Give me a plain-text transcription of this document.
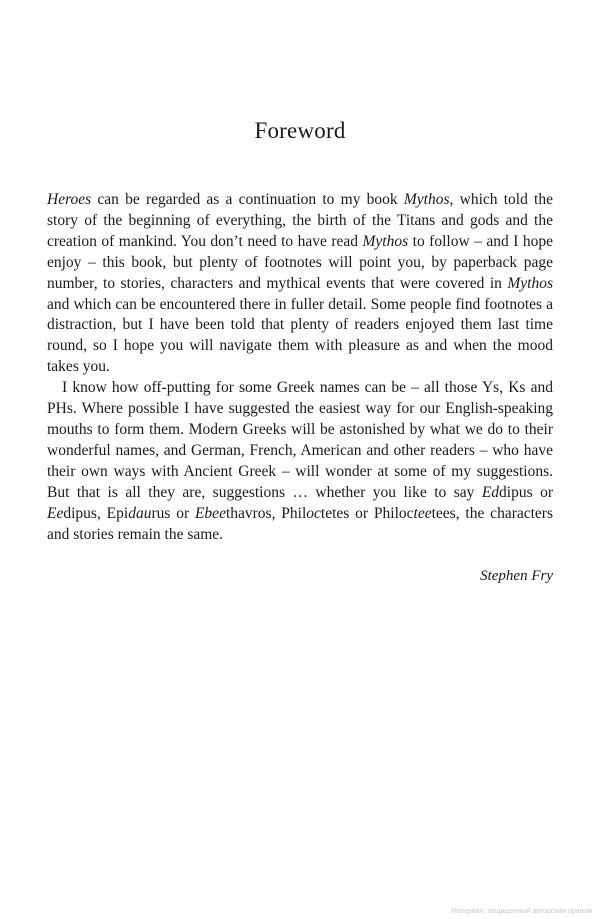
Foreword

Heroes can be regarded as a continuation to my book Mythos, which told the story of the beginning of everything, the birth of the Titans and gods and the creation of mankind. You don’t need to have read Mythos to follow – and I hope enjoy – this book, but plenty of footnotes will point you, by paperback page number, to stories, characters and mythical events that were covered in Mythos and which can be encountered there in fuller detail. Some people find footnotes a distraction, but I have been told that plenty of readers enjoyed them last time round, so I hope you will navigate them with pleasure as and when the mood takes you.

I know how off-putting for some Greek names can be – all those Ys, Ks and PHs. Where possible I have suggested the easiest way for our English-speaking mouths to form them. Modern Greeks will be astonished by what we do to their wonderful names, and German, French, American and other readers – who have their own ways with Ancient Greek – will wonder at some of my suggestions. But that is all they are, suggestions … whether you like to say Eddipus or Eedipus, Epidaurus or Ebeethavros, Philoctetes or Philocteetees, the characters and stories remain the same.

Stephen Fry
Материал, защищенный авторским правом
